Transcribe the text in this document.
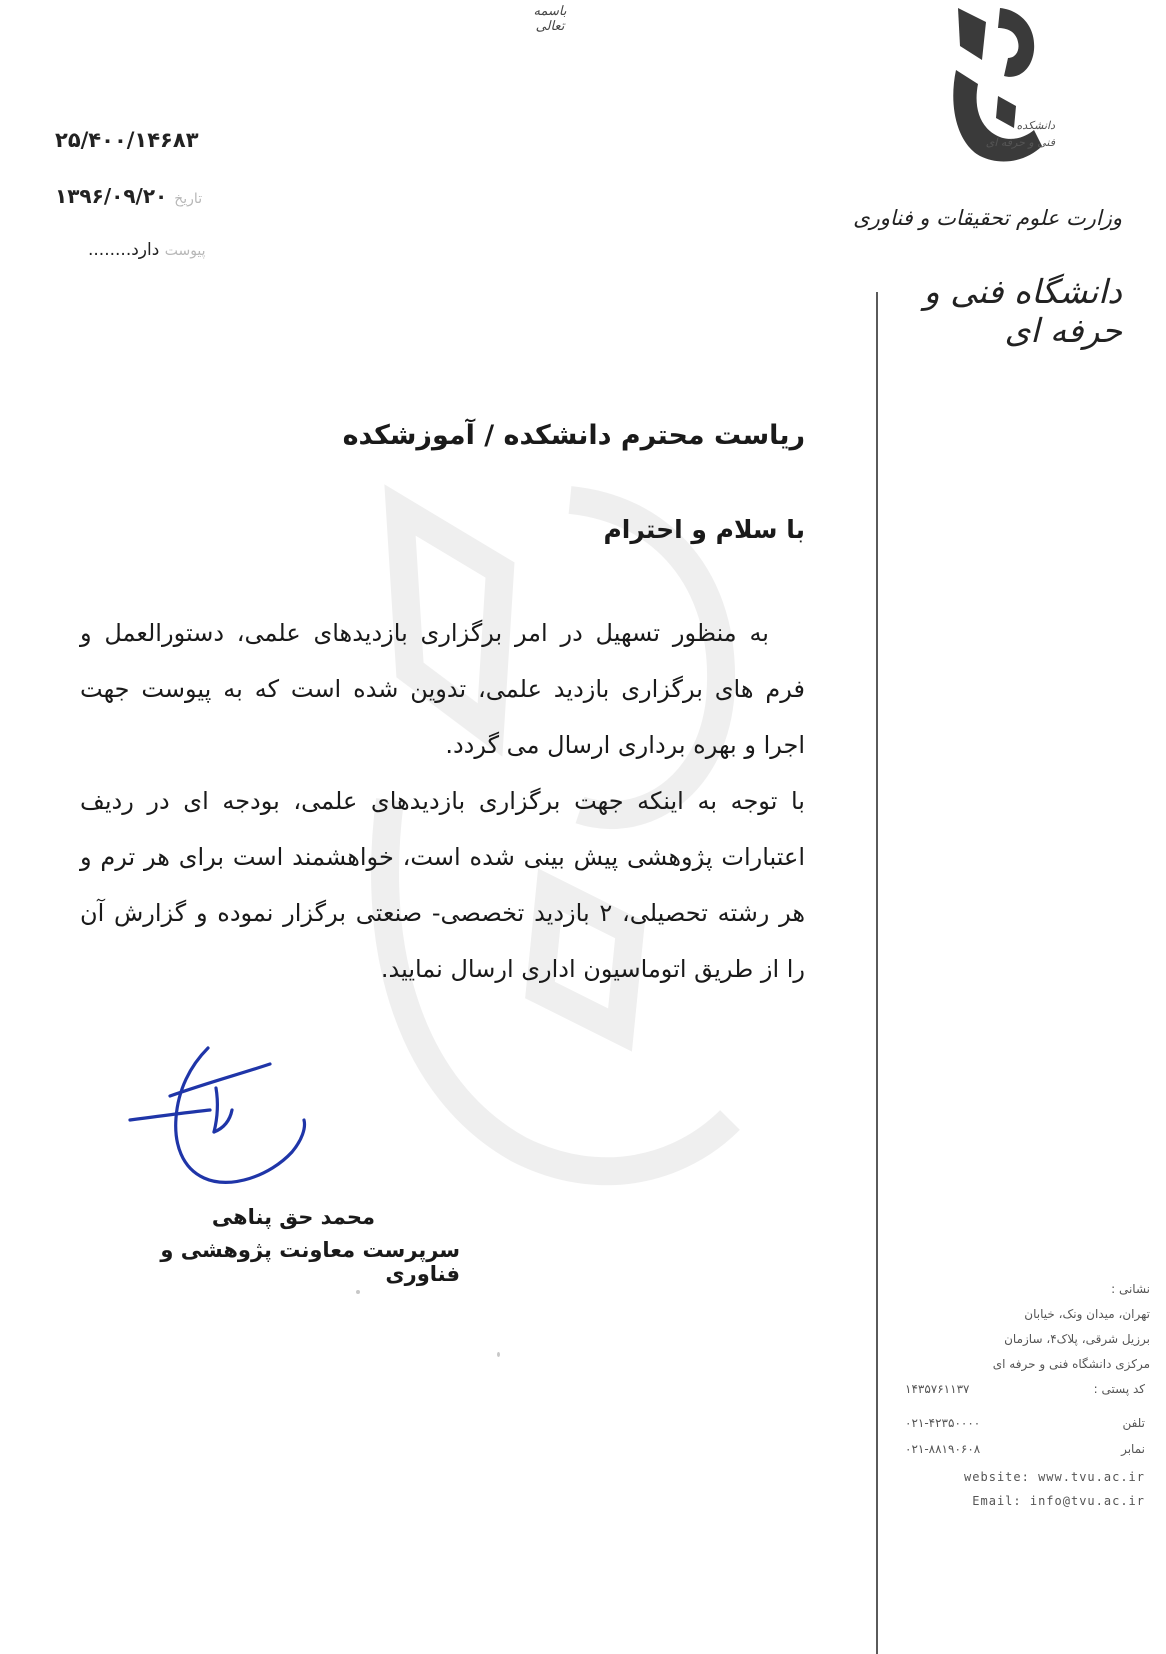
باسمه تعالی
۲۵/۴۰۰/۱۴۶۸۳
۱۳۹۶/۰۹/۲۰ تاریخ
دارد........ پیوست
دانشکده
فنی و حرفه ای
وزارت علوم تحقیقات و فناوری
دانشگاه فنی و حرفه ای
ریاست محترم دانشکده / آموزشکده
با سلام و احترام

به منظور تسهیل در امر برگزاری بازدیدهای علمی، دستورالعمل و فرم های برگزاری بازدید علمی، تدوین شده است که به پیوست جهت اجرا و بهره برداری ارسال می گردد.

با توجه به اینکه جهت برگزاری بازدیدهای علمی، بودجه ای در ردیف اعتبارات پژوهشی پیش بینی شده است، خواهشمند است برای هر ترم و هر رشته تحصیلی، ۲ بازدید تخصصی- صنعتی برگزار نموده و گزارش آن را از طریق اتوماسیون اداری ارسال نمایید.

محمد حق پناهی
سرپرست معاونت پژوهشی و فناوری
نشانی :
تهران، میدان ونک، خیابان
برزیل شرقی، پلاک۴، سازمان
مرکزی دانشگاه فنی و حرفه ای
۱۴۳۵۷۶۱۱۳۷	کد پستی :
۰۲۱-۴۲۳۵۰۰۰۰	تلفن
۰۲۱-۸۸۱۹۰۶۰۸	نمابر
website: www.tvu.ac.ir
Email: info@tvu.ac.ir
